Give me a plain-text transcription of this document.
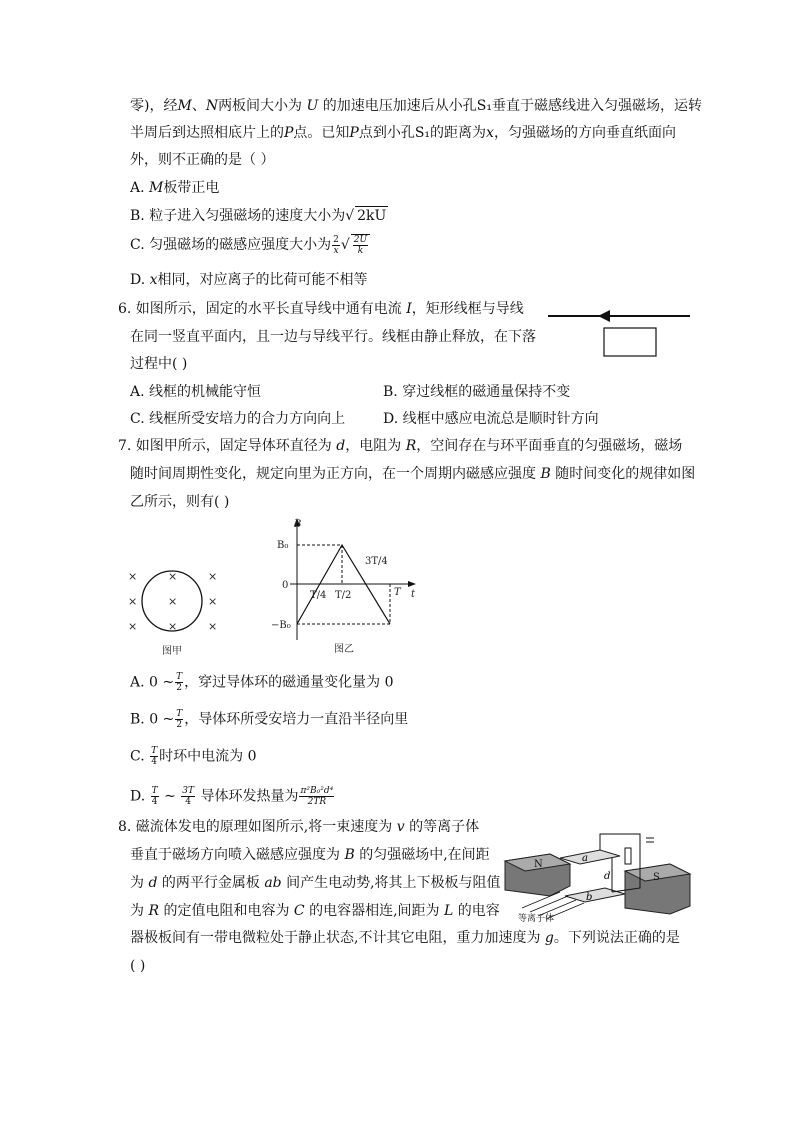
零)，经M、N两板间大小为 U 的加速电压加速后从小孔S₁垂直于磁感线进入匀强磁场，运转
半周后到达照相底片上的P点。已知P点到小孔S₁的距离为x，匀强磁场的方向垂直纸面向
外，则不正确的是（ ）
A. M板带正电
B. 粒子进入匀强磁场的速度大小为√ 2kU
C. 匀强磁场的磁感应强度大小为 $\frac{2}{x}$ √ $\frac{2U}{k}$
D. x相同，对应离子的比荷可能不相等
6. 如图所示，固定的水平长直导线中通有电流 I，矩形线框与导线
在同一竖直平面内，且一边与导线平行。线框由静止释放，在下落
过程中( )
A. 线框的机械能守恒	B. 穿过线框的磁通量保持不变
C. 线框所受安培力的合力方向向上	D. 线框中感应电流总是顺时针方向
7. 如图甲所示，固定导体环直径为 d，电阻为 R，空间存在与环平面垂直的匀强磁场，磁场
随时间周期性变化，规定向里为正方向，在一个周期内磁感应强度 B 随时间变化的规律如图
乙所示，则有( )
×	×	×
×	×	×
×	×	×
图甲
B
t
B₀
−B₀
0
T/4 T/2
3T/4
T
图乙
A. 0 ~ $\frac{T}{2}$ ，穿过导体环的磁通量变化量为 0
B. 0 ~ $\frac{T}{2}$ ，导体环所受安培力一直沿半径向里
C. $\frac{T}{4}$ 时环中电流为 0
D. $\frac{T}{4}$ ~ $\frac{3T}{4}$ 导体环发热量为 $\frac{\text{π²B₀²d⁴}}{2TR}$
8. 磁流体发电的原理如图所示,将一束速度为 v 的等离子体
垂直于磁场方向喷入磁感应强度为 B 的匀强磁场中,在间距
为 d 的两平行金属板 ab 间产生电动势,将其上下极板与阻值
为 R 的定值电阻和电容为 C 的电容器相连,间距为 L 的电容
器极板间有一带电微粒处于静止状态,不计其它电阻，重力加速度为 g。下列说法正确的是
( )
N
S
a
b
d
等离子体
